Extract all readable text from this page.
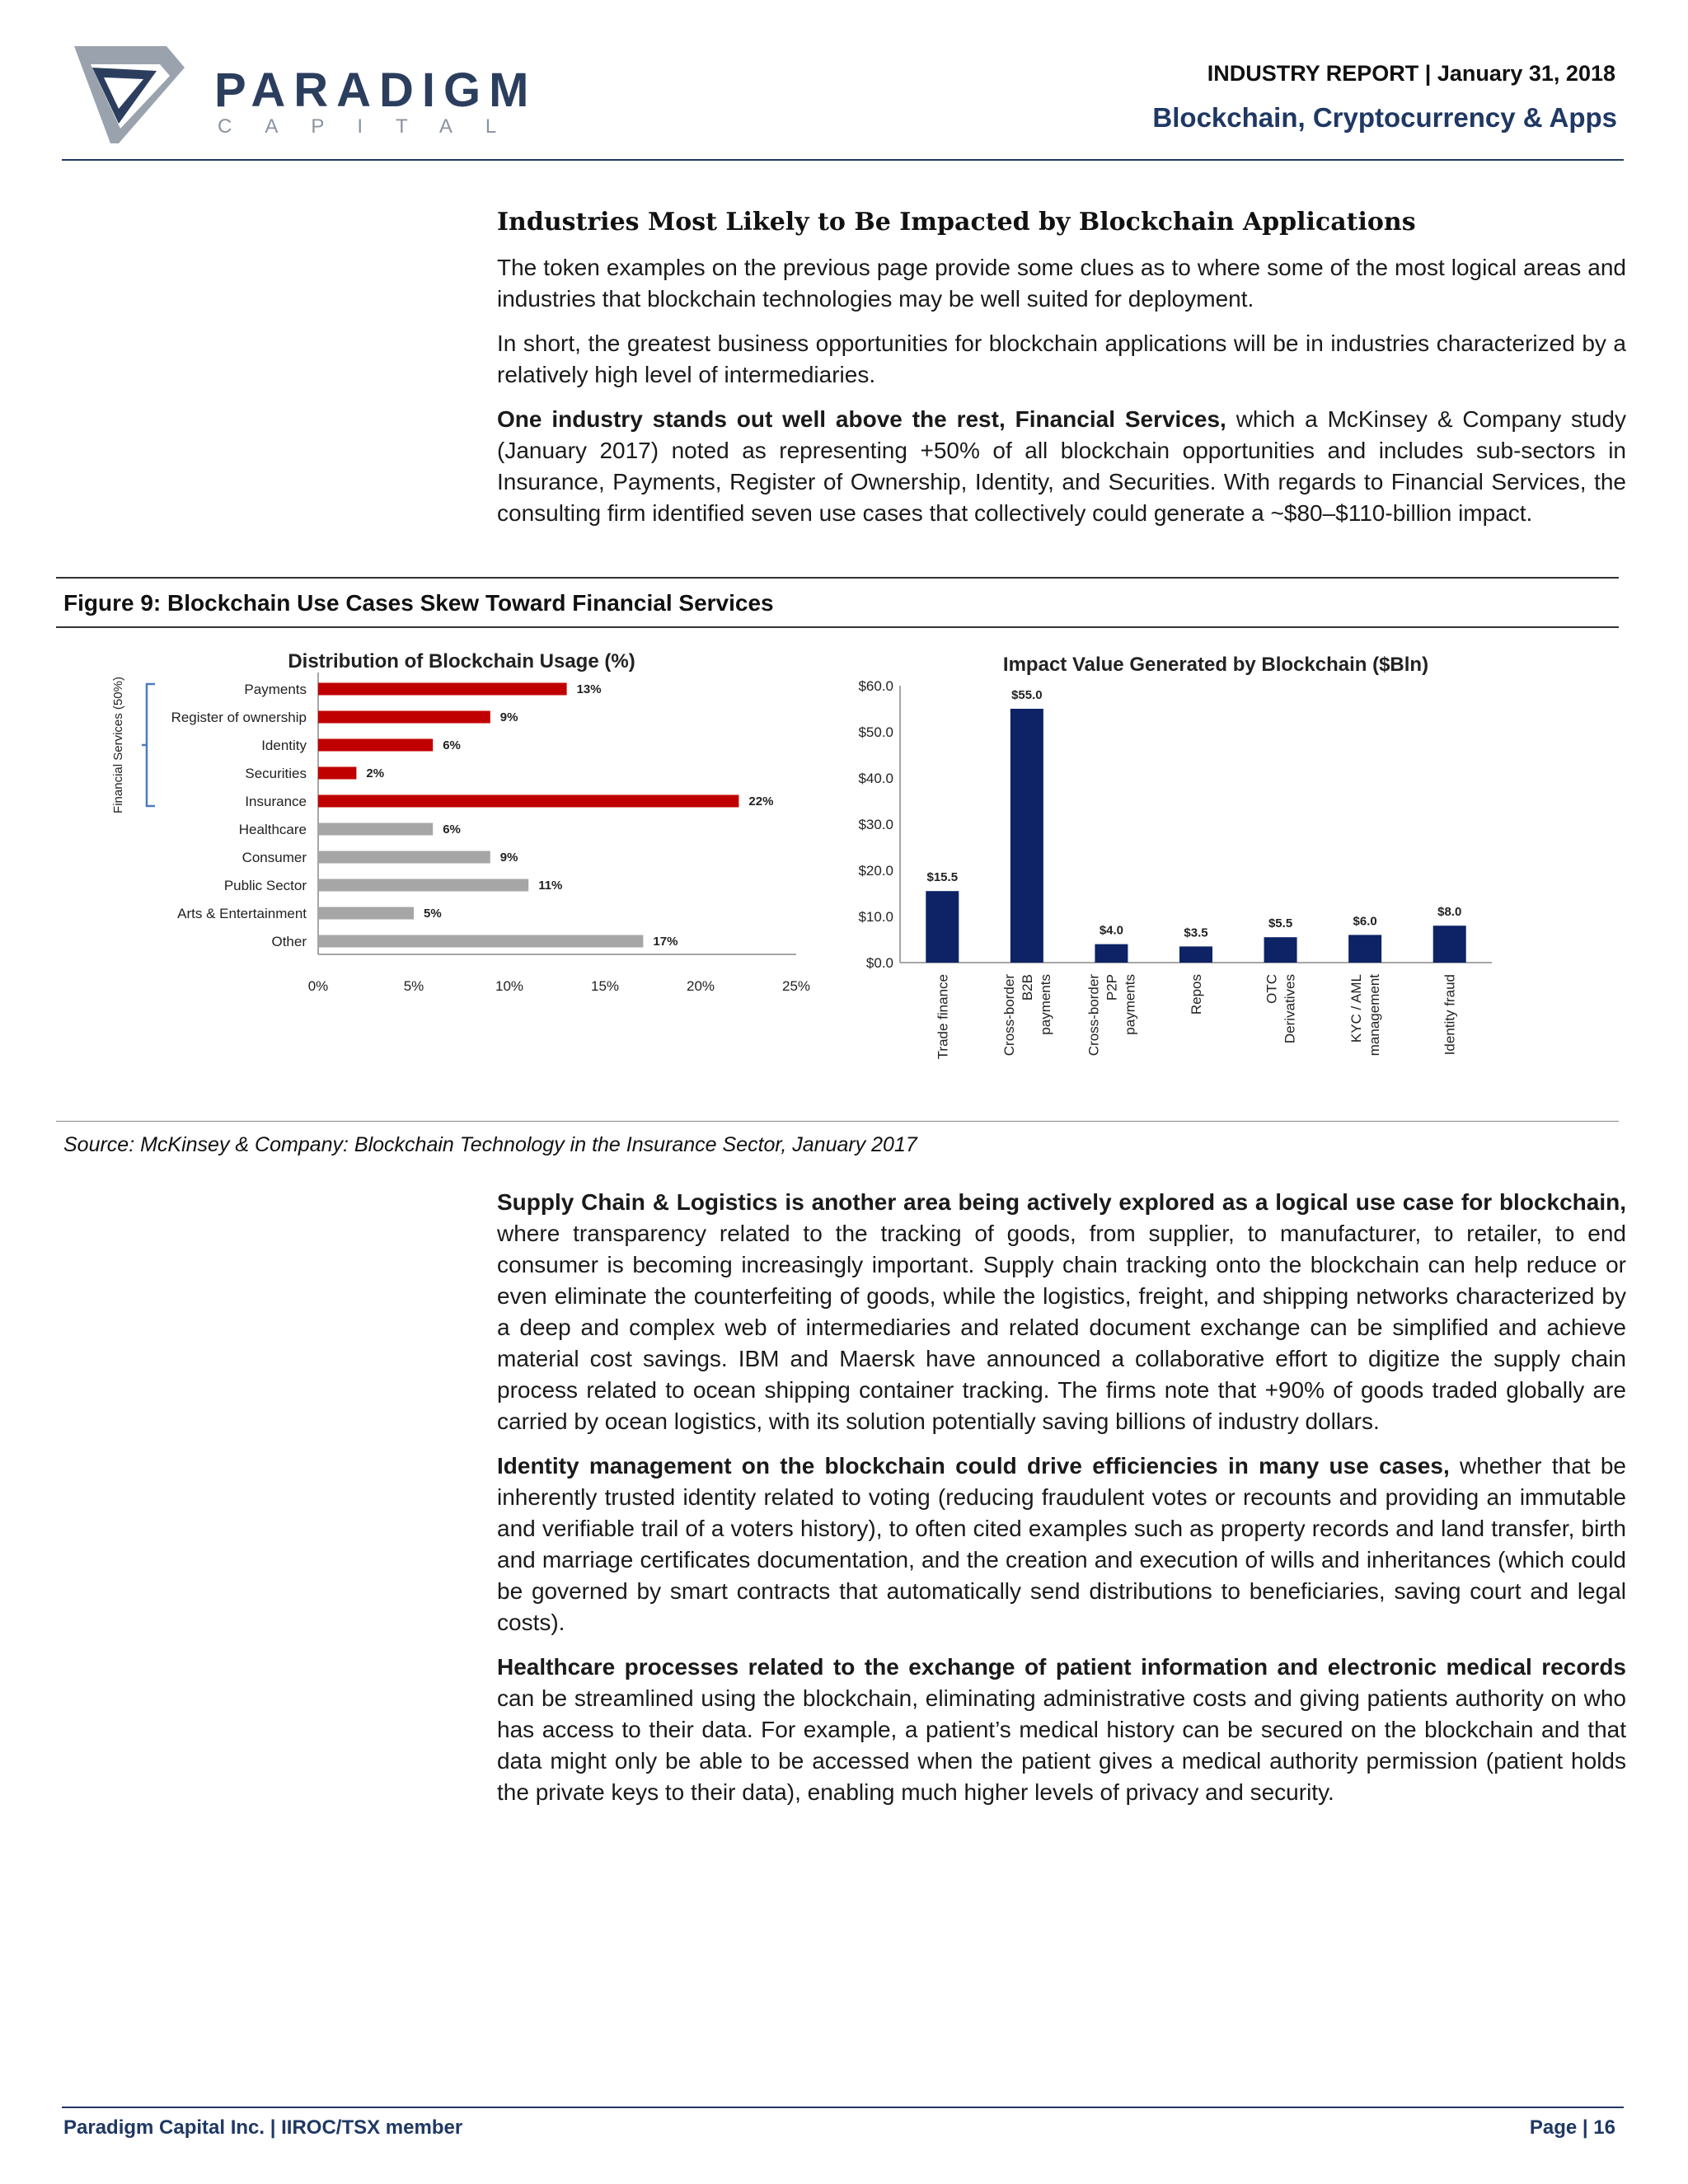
PARADIGM
CAPITAL
INDUSTRY REPORT | January 31, 2018
Blockchain, Cryptocurrency & Apps
Industries Most Likely to Be Impacted by Blockchain Applications

The token examples on the previous page provide some clues as to where some of the most logical areas and industries that blockchain technologies may be well suited for deployment.

In short, the greatest business opportunities for blockchain applications will be in industries characterized by a relatively high level of intermediaries.

One industry stands out well above the rest, Financial Services, which a McKinsey & Company study (January 2017) noted as representing +50% of all blockchain opportunities and includes sub-sectors in Insurance, Payments, Register of Ownership, Identity, and Securities. With regards to Financial Services, the consulting firm identified seven use cases that collectively could generate a ~$80–$110-billion impact.

Figure 9: Blockchain Use Cases Skew Toward Financial Services
Distribution of Blockchain Usage (%)
Payments	13%
Register of ownership	9%
Identity	6%
Securities	2%
Insurance	22%
Healthcare	6%
Consumer	9%
Public Sector	11%
Arts & Entertainment	5%
Other	17%
0%	5%	10%	15%	20%	25%
Financial Services (50%)
Impact Value Generated by Blockchain ($Bln)
$0.0
$10.0
$20.0
$30.0
$40.0
$50.0
$60.0
$15.5
Trade finance
$55.0
Cross-border B2B payments
$4.0
Cross-border P2P payments
$3.5
Repos
$5.5
OTC Derivatives
$6.0
KYC / AML management
$8.0
Identity fraud
Source: McKinsey & Company: Blockchain Technology in the Insurance Sector, January 2017

Supply Chain & Logistics is another area being actively explored as a logical use case for blockchain, where transparency related to the tracking of goods, from supplier, to manufacturer, to retailer, to end consumer is becoming increasingly important. Supply chain tracking onto the blockchain can help reduce or even eliminate the counterfeiting of goods, while the logistics, freight, and shipping networks characterized by a deep and complex web of intermediaries and related document exchange can be simplified and achieve material cost savings. IBM and Maersk have announced a collaborative effort to digitize the supply chain process related to ocean shipping container tracking. The firms note that +90% of goods traded globally are carried by ocean logistics, with its solution potentially saving billions of industry dollars.

Identity management on the blockchain could drive efficiencies in many use cases, whether that be inherently trusted identity related to voting (reducing fraudulent votes or recounts and providing an immutable and verifiable trail of a voters history), to often cited examples such as property records and land transfer, birth and marriage certificates documentation, and the creation and execution of wills and inheritances (which could be governed by smart contracts that automatically send distributions to beneficiaries, saving court and legal costs).

Healthcare processes related to the exchange of patient information and electronic medical records can be streamlined using the blockchain, eliminating administrative costs and giving patients authority on who has access to their data. For example, a patient’s medical history can be secured on the blockchain and that data might only be able to be accessed when the patient gives a medical authority permission (patient holds the private keys to their data), enabling much higher levels of privacy and security.

Paradigm Capital Inc. | IIROC/TSX member	Page | 16
